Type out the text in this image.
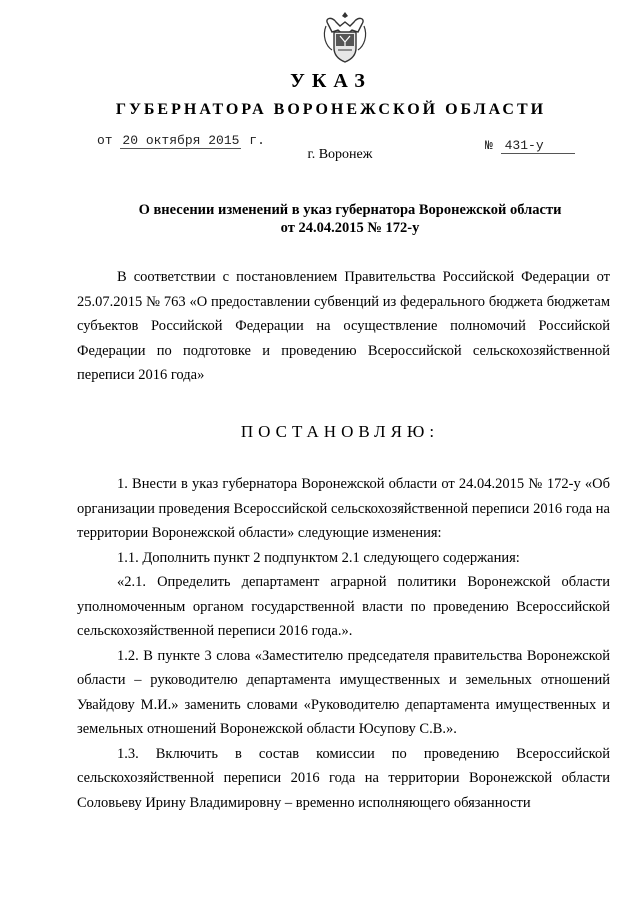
УКАЗ
ГУБЕРНАТОРА ВОРОНЕЖСКОЙ ОБЛАСТИ
от 20 октября 2015 г.	№ 431-у
г. Воронеж
О внесении изменений в указ губернатора Воронежской области
от 24.04.2015 № 172-у

В соответствии с постановлением Правительства Российской Федерации от 25.07.2015 № 763 «О предоставлении субвенций из федерального бюджета бюджетам субъектов Российской Федерации на осуществление полномочий Российской Федерации по подготовке и проведению Всероссийской сельскохозяйственной переписи 2016 года»

ПОСТАНОВЛЯЮ:

1. Внести в указ губернатора Воронежской области от 24.04.2015 № 172-у «Об организации проведения Всероссийской сельскохозяйственной переписи 2016 года на территории Воронежской области» следующие изменения:

1.1. Дополнить пункт 2 подпунктом 2.1 следующего содержания:

«2.1. Определить департамент аграрной политики Воронежской области уполномоченным органом государственной власти по проведению Всероссийской сельскохозяйственной переписи 2016 года.».

1.2. В пункте 3 слова «Заместителю председателя правительства Воронежской области – руководителю департамента имущественных и земельных отношений Увайдову М.И.» заменить словами «Руководителю департамента имущественных и земельных отношений Воронежской области Юсупову С.В.».

1.3. Включить в состав комиссии по проведению Всероссийской сельскохозяйственной переписи 2016 года на территории Воронежской области Соловьеву Ирину Владимировну – временно исполняющего обязанности
